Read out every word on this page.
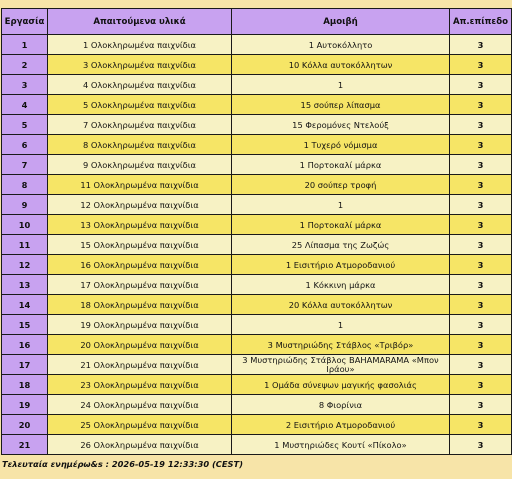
Εργασία	Απαιτούμενα υλικά	Αμοιβή	Απ.επίπεδο
1	1 Ολοκληρωμένα παιχνίδια	1 Αυτοκόλλητο	3
2	3 Ολοκληρωμένα παιχνίδια	10 Κόλλα αυτοκόλλητων	3
3	4 Ολοκληρωμένα παιχνίδια	1	3
4	5 Ολοκληρωμένα παιχνίδια	15 σούπερ λίπασμα	3
5	7 Ολοκληρωμένα παιχνίδια	15 Φερομόνες Ντελούξ	3
6	8 Ολοκληρωμένα παιχνίδια	1 Τυχερό νόμισμα	3
7	9 Ολοκληρωμένα παιχνίδια	1 Πορτοκαλί μάρκα	3
8	11 Ολοκληρωμένα παιχνίδια	20 σούπερ τροφή	3
9	12 Ολοκληρωμένα παιχνίδια	1	3
10	13 Ολοκληρωμένα παιχνίδια	1 Πορτοκαλί μάρκα	3
11	15 Ολοκληρωμένα παιχνίδια	25 Λίπασμα της Ζωζώς	3
12	16 Ολοκληρωμένα παιχνίδια	1 Εισιτήριο Ατμοροδανιού	3
13	17 Ολοκληρωμένα παιχνίδια	1 Κόκκινη μάρκα	3
14	18 Ολοκληρωμένα παιχνίδια	20 Κόλλα αυτοκόλλητων	3
15	19 Ολοκληρωμένα παιχνίδια	1	3
16	20 Ολοκληρωμένα παιχνίδια	3 Μυστηριώδης Στάβλος «Τριβόρ»	3
17	21 Ολοκληρωμένα παιχνίδια	3 Μυστηριώδης Στάβλος BAHAMARAMA «Μπον Ιράου»	3
18	23 Ολοκληρωμένα παιχνίδια	1 Ομάδα σύνεψων μαγικής φασολιάς	3
19	24 Ολοκληρωμένα παιχνίδια	8 Φιορίνια	3
20	25 Ολοκληρωμένα παιχνίδια	2 Εισιτήριο Ατμοροδανιού	3
21	26 Ολοκληρωμένα παιχνίδια	1 Μυστηριώδες Κουτί «Πίκολο»	3
Τελευταία ενημέρω&s : 2026-05-19 12:33:30 (CEST)
